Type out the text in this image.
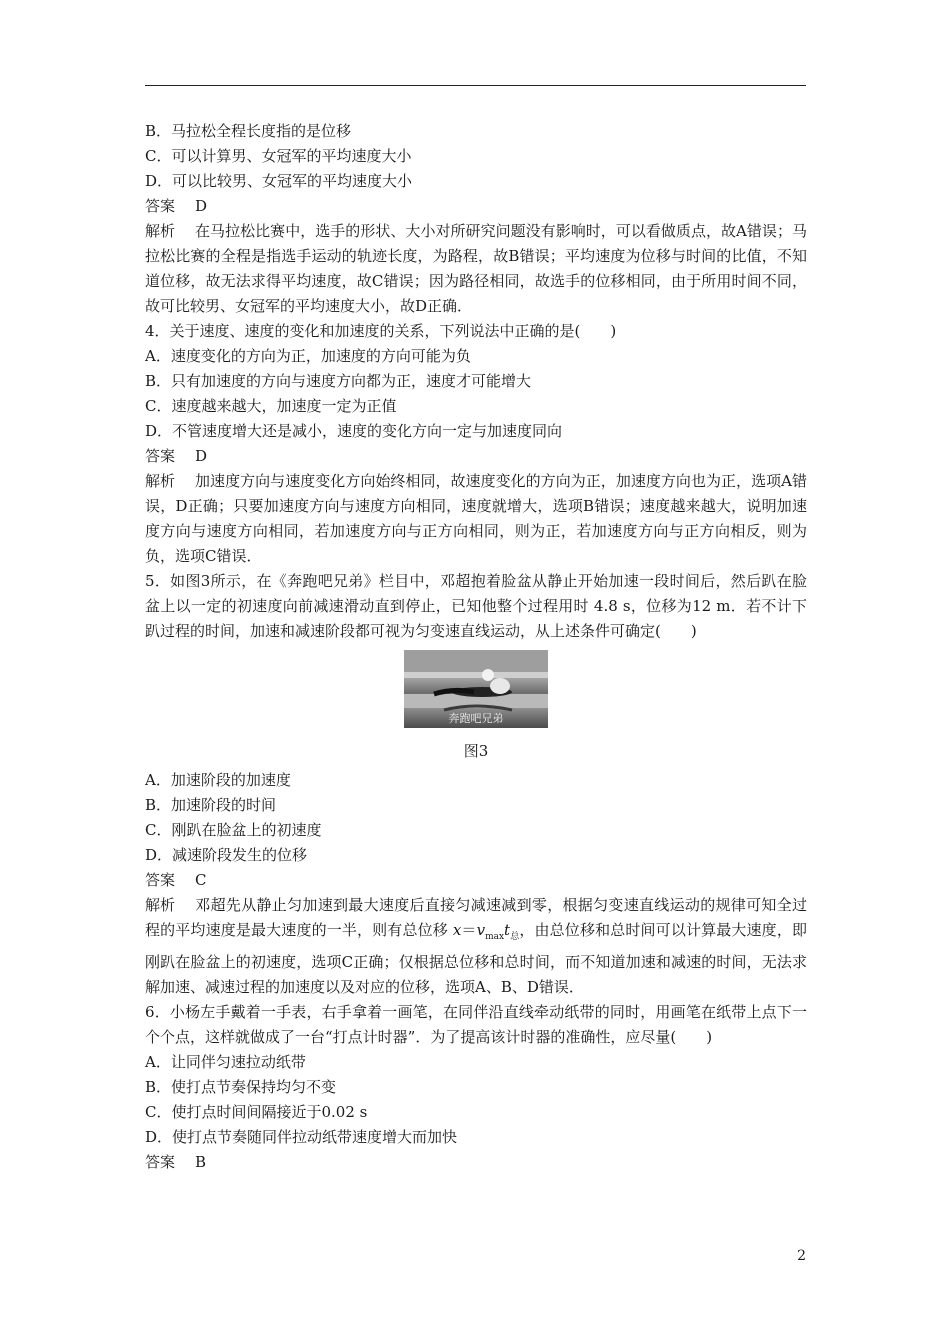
B．马拉松全程长度指的是位移
C．可以计算男、女冠军的平均速度大小
D．可以比较男、女冠军的平均速度大小
答案 D
解析 在马拉松比赛中，选手的形状、大小对所研究问题没有影响时，可以看做质点，故A错误；马拉松比赛的全程是指选手运动的轨迹长度，为路程，故B错误；平均速度为位移与时间的比值，不知道位移，故无法求得平均速度，故C错误；因为路径相同，故选手的位移相同，由于所用时间不同，故可比较男、女冠军的平均速度大小，故D正确．
4．关于速度、速度的变化和加速度的关系，下列说法中正确的是(　　)
A．速度变化的方向为正，加速度的方向可能为负
B．只有加速度的方向与速度方向都为正，速度才可能增大
C．速度越来越大，加速度一定为正值
D．不管速度增大还是减小，速度的变化方向一定与加速度同向
答案 D
解析 加速度方向与速度变化方向始终相同，故速度变化的方向为正，加速度方向也为正，选项A错误，D正确；只要加速度方向与速度方向相同，速度就增大，选项B错误；速度越来越大，说明加速度方向与速度方向相同，若加速度方向与正方向相同，则为正，若加速度方向与正方向相反，则为负，选项C错误．
5．如图3所示，在《奔跑吧兄弟》栏目中，邓超抱着脸盆从静止开始加速一段时间后，然后趴在脸盆上以一定的初速度向前减速滑动直到停止，已知他整个过程用时 4.8 s，位移为12 m．若不计下趴过程的时间，加速和减速阶段都可视为匀变速直线运动，从上述条件可确定(　　)
奔跑吧兄弟
图3
A．加速阶段的加速度
B．加速阶段的时间
C．刚趴在脸盆上的初速度
D．减速阶段发生的位移
答案 C
解析 邓超先从静止匀加速到最大速度后直接匀减速减到零，根据匀变速直线运动的规律可知全过程的平均速度是最大速度的一半，则有总位移 $x=v_{max}t_总$，由总位移和总时间可以计算最大速度，即刚趴在脸盆上的初速度，选项C正确；仅根据总位移和总时间，而不知道加速和减速的时间，无法求解加速、减速过程的加速度以及对应的位移，选项A、B、D错误．
6．小杨左手戴着一手表，右手拿着一画笔，在同伴沿直线牵动纸带的同时，用画笔在纸带上点下一个个点，这样就做成了一台“打点计时器”．为了提高该计时器的准确性，应尽量(　　)
A．让同伴匀速拉动纸带
B．使打点节奏保持均匀不变
C．使打点时间间隔接近于0.02 s
D．使打点节奏随同伴拉动纸带速度增大而加快
答案 B
2
